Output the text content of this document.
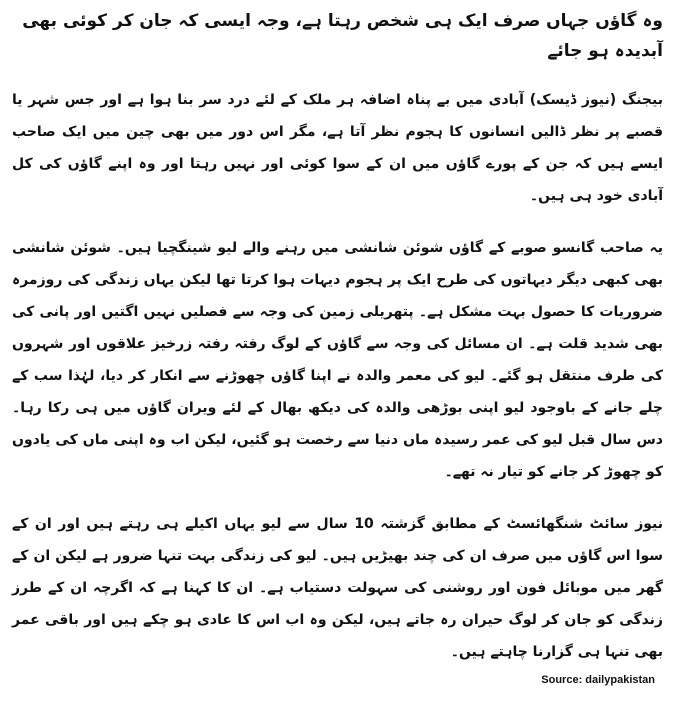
وہ گاؤں جہاں صرف ایک ہی شخص رہتا ہے، وجہ ایسی کہ جان کر کوئی بھی آبدیدہ ہو جائے

بیجنگ (نیوز ڈیسک) آبادی میں بے پناہ اضافہ ہر ملک کے لئے درد سر بنا ہوا ہے اور جس شہر یا قصبے پر نظر ڈالیں انسانوں کا ہجوم نظر آتا ہے، مگر اس دور میں بھی چین میں ایک صاحب ایسے ہیں کہ جن کے پورے گاؤں میں ان کے سوا کوئی اور نہیں رہتا اور وہ اپنے گاؤں کی کل آبادی خود ہی ہیں۔

یہ صاحب گانسو صوبے کے گاؤں شوئن شانشی میں رہنے والے لیو شینگچیا ہیں۔ شوئن شانشی بھی کبھی دیگر دیہاتوں کی طرح ایک پر ہجوم دیہات ہوا کرتا تھا لیکن یہاں زندگی کی روزمرہ ضروریات کا حصول بہت مشکل ہے۔ پتھریلی زمین کی وجہ سے فصلیں نہیں اگتیں اور پانی کی بھی شدید قلت ہے۔ ان مسائل کی وجہ سے گاؤں کے لوگ رفتہ رفتہ زرخیز علاقوں اور شہروں کی طرف منتقل ہو گئے۔ لیو کی معمر والدہ نے اپنا گاؤں چھوڑنے سے انکار کر دیا، لہٰذا سب کے چلے جانے کے باوجود لیو اپنی بوڑھی والدہ کی دیکھ بھال کے لئے ویران گاؤں میں ہی رکا رہا۔ دس سال قبل لیو کی عمر رسیدہ ماں دنیا سے رخصت ہو گئیں، لیکن اب وہ اپنی ماں کی یادوں کو چھوڑ کر جانے کو تیار نہ تھے۔

نیوز سائٹ شنگھائسٹ کے مطابق گزشتہ 10 سال سے لیو یہاں اکیلے ہی رہتے ہیں اور ان کے سوا اس گاؤں میں صرف ان کی چند بھیڑیں ہیں۔ لیو کی زندگی بہت تنہا ضرور ہے لیکن ان کے گھر میں موبائل فون اور روشنی کی سہولت دستیاب ہے۔ ان کا کہنا ہے کہ اگرچہ ان کے طرز زندگی کو جان کر لوگ حیران رہ جاتے ہیں، لیکن وہ اب اس کا عادی ہو چکے ہیں اور باقی عمر بھی تنہا ہی گزارنا چاہتے ہیں۔

Source: dailypakistan
